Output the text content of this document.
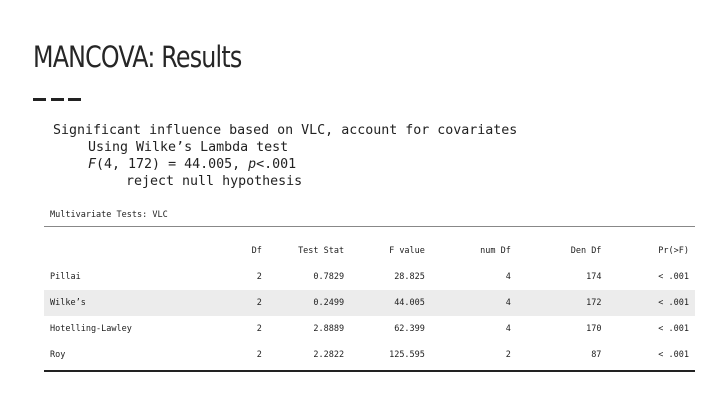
MANCOVA: Results
Significant influence based on VLC, account for covariates
Using Wilke’s Lambda test
F(4, 172) = 44.005, p<.001
reject null hypothesis
Multivariate Tests: VLC
	Df	Test Stat	F value	num Df	Den Df	Pr(>F)
Pillai	2	0.7829	28.825	4	174	< .001
Wilke’s	2	0.2499	44.005	4	172	< .001
Hotelling-Lawley	2	2.8889	62.399	4	170	< .001
Roy	2	2.2822	125.595	2	87	< .001
